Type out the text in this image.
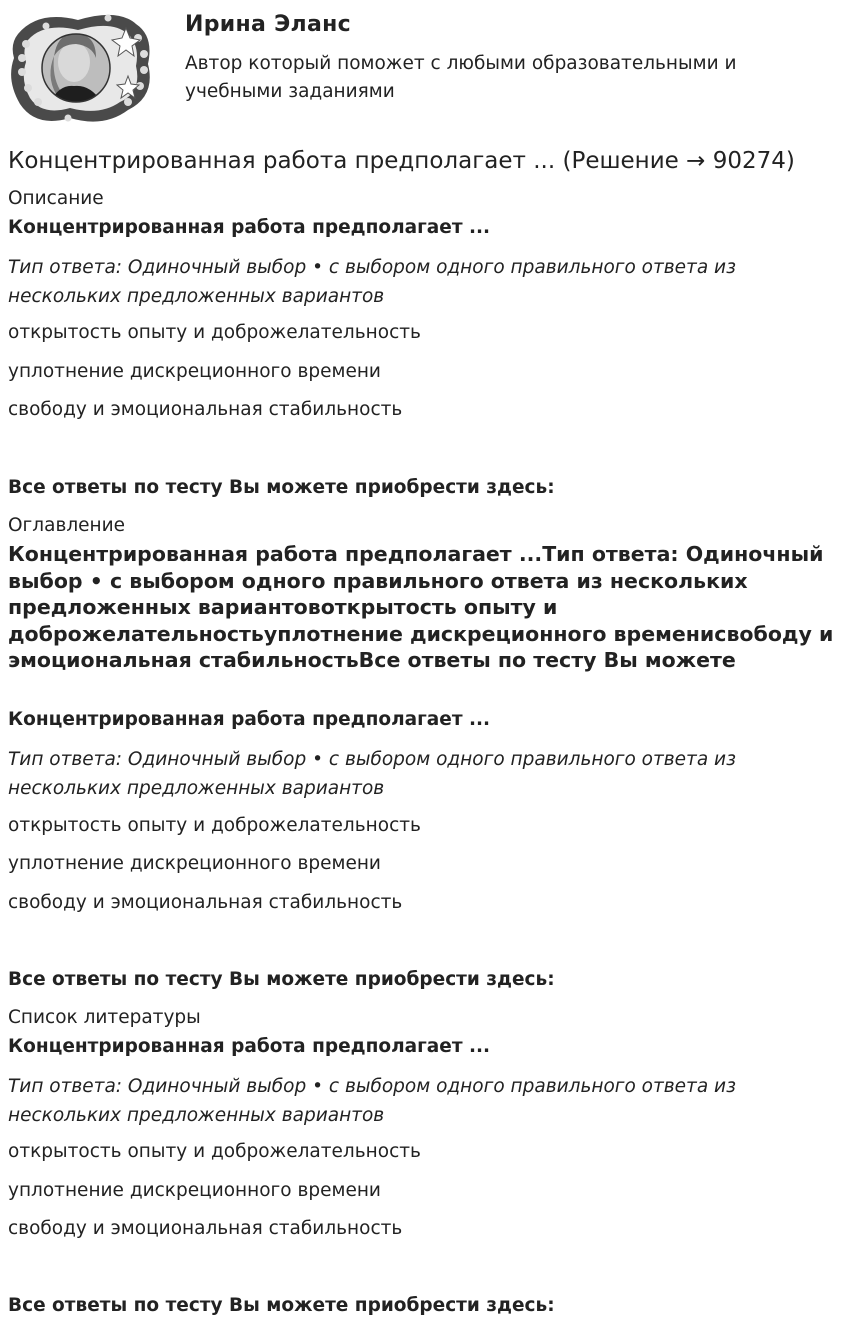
Ирина Эланс
Автор который поможет с любыми образовательными и учебными заданиями
Концентрированная работа предполагает ... (Решение → 90274)
Описание
Концентрированная работа предполагает ...
Тип ответа: Одиночный выбор • с выбором одного правильного ответа из нескольких предложенных вариантов
открытость опыту и доброжелательность
уплотнение дискреционного времени
свободу и эмоциональная стабильность
Все ответы по тесту Вы можете приобрести здесь:
Оглавление
Концентрированная работа предполагает ...Тип ответа: Одиночный выбор • с выбором одного правильного ответа из нескольких предложенных вариантовоткрытость опыту и доброжелательностьуплотнение дискреционного временисвободу и эмоциональная стабильностьВсе ответы по тесту Вы можете
Концентрированная работа предполагает ...
Тип ответа: Одиночный выбор • с выбором одного правильного ответа из нескольких предложенных вариантов
открытость опыту и доброжелательность
уплотнение дискреционного времени
свободу и эмоциональная стабильность
Все ответы по тесту Вы можете приобрести здесь:
Список литературы
Концентрированная работа предполагает ...
Тип ответа: Одиночный выбор • с выбором одного правильного ответа из нескольких предложенных вариантов
открытость опыту и доброжелательность
уплотнение дискреционного времени
свободу и эмоциональная стабильность
Все ответы по тесту Вы можете приобрести здесь:
